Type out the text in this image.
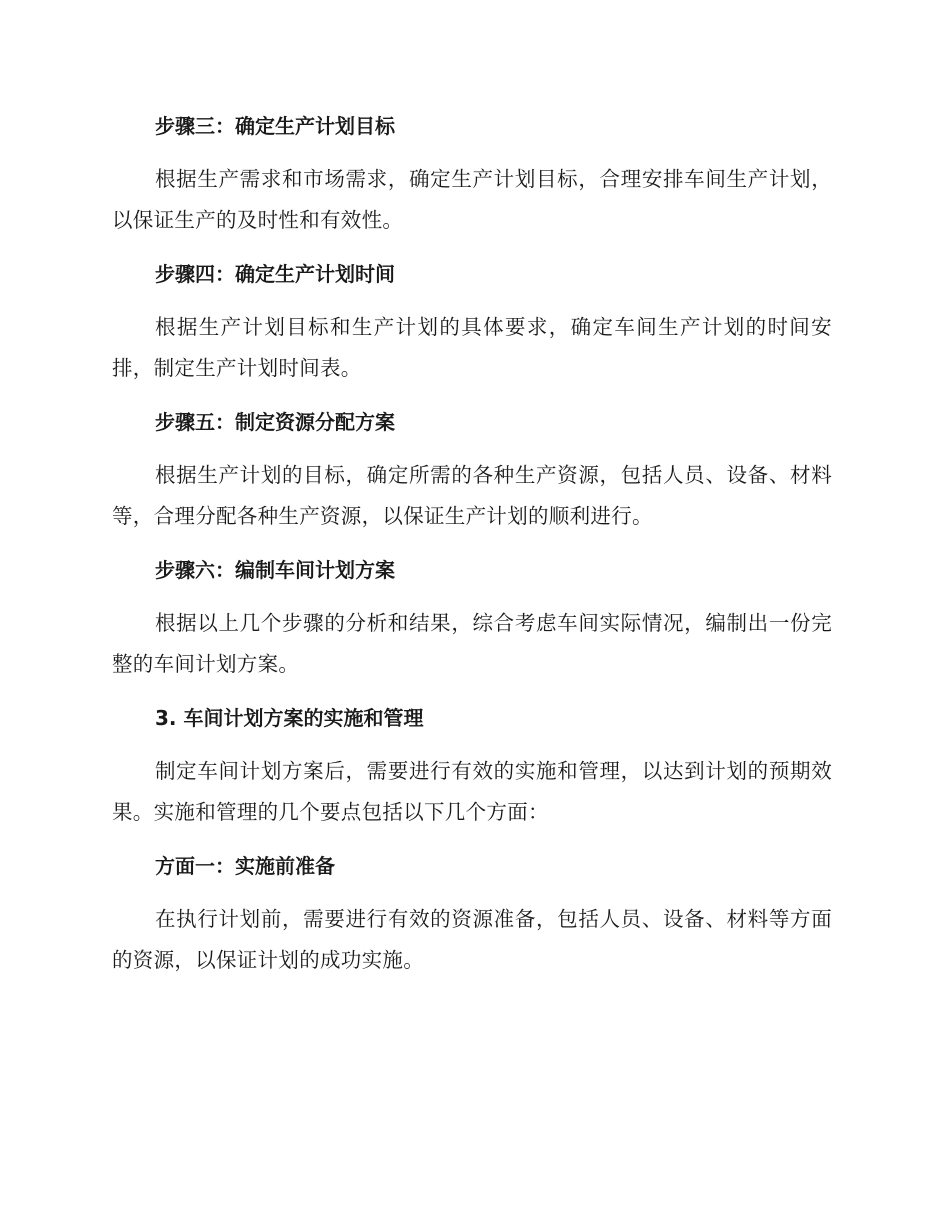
步骤三：确定生产计划目标

根据生产需求和市场需求，确定生产计划目标，合理安排车间生产计划，以保证生产的及时性和有效性。

步骤四：确定生产计划时间

根据生产计划目标和生产计划的具体要求，确定车间生产计划的时间安排，制定生产计划时间表。

步骤五：制定资源分配方案

根据生产计划的目标，确定所需的各种生产资源，包括人员、设备、材料等，合理分配各种生产资源，以保证生产计划的顺利进行。

步骤六：编制车间计划方案

根据以上几个步骤的分析和结果，综合考虑车间实际情况，编制出一份完整的车间计划方案。

3. 车间计划方案的实施和管理

制定车间计划方案后，需要进行有效的实施和管理，以达到计划的预期效果。实施和管理的几个要点包括以下几个方面：

方面一：实施前准备

在执行计划前，需要进行有效的资源准备，包括人员、设备、材料等方面的资源，以保证计划的成功实施。
